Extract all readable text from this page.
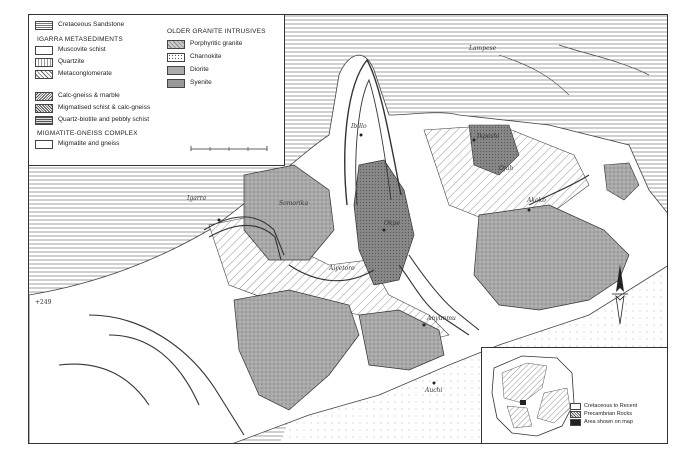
Cretaceous Sandstone
IGARRA METASEDIMENTS
Muscovite schist
Quartzite
Metaconglomerate
Calc-gneiss & marble
Migmatised schist & calc-gneiss
Quartz-biotite and pebbly schist
MIGMATITE-GNEISS COMPLEX
Migmatite and gneiss
OLDER GRANITE INTRUSIVES
Porphyritic granite
Charnokite
Diorite
Syenite
Igarra
Ibillo
Okpe
Ikpeshi
Lampese
Akoko
Auchi
Anyunmu
Somorika
Aiyetoro
Ojah
+249
Cretaceous to Recent
Precambrian Rocks
Area shown on map
